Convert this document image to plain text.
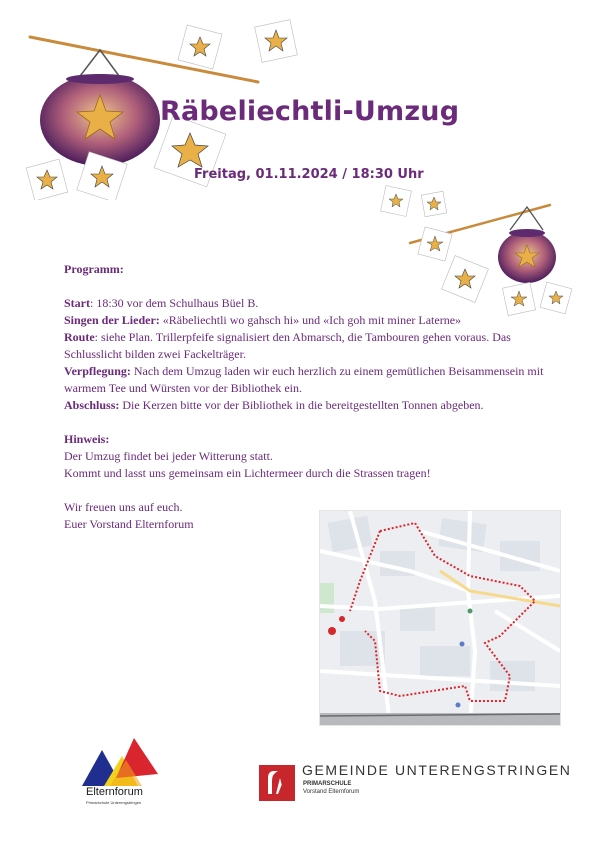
Räbeliechtli-Umzug
Freitag, 01.11.2024 / 18:30 Uhr

Programm:

Start: 18:30 vor dem Schulhaus Büel B.

Singen der Lieder: «Räbeliechtli wo gahsch hi» und «Ich goh mit miner Laterne»

Route: siehe Plan. Trillerpfeife signalisiert den Abmarsch, die Tambouren gehen voraus. Das Schlusslicht bilden zwei Fackelträger.

Verpflegung: Nach dem Umzug laden wir euch herzlich zu einem gemütlichen Beisammensein mit warmem Tee und Würsten vor der Bibliothek ein.

Abschluss: Die Kerzen bitte vor der Bibliothek in die bereitgestellten Tonnen abgeben.

Hinweis:

Der Umzug findet bei jeder Witterung statt.

Kommt und lasst uns gemeinsam ein Lichtermeer durch die Strassen tragen!

Wir freuen uns auf euch.

Euer Vorstand Elternforum

Elternforum
Primarschule Unterengstringen
GEMEINDE UNTERENGSTRINGEN
PRIMARSCHULE
Vorstand Elternforum
